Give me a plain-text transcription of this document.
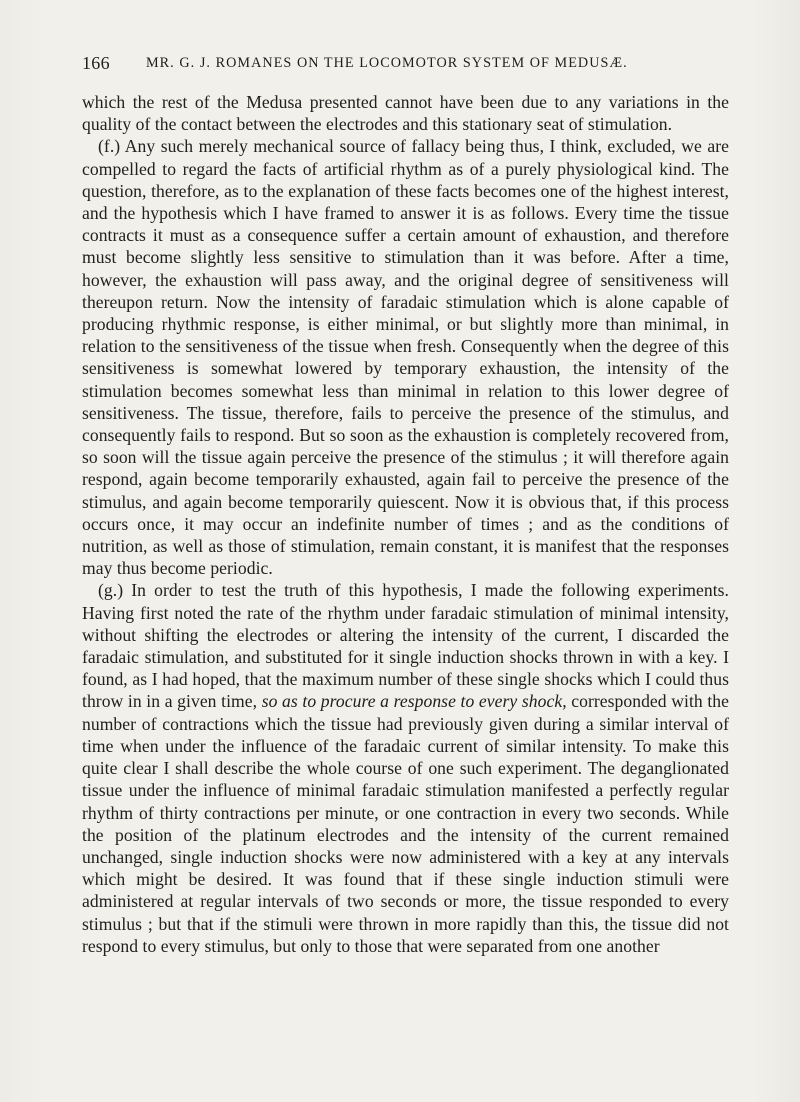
166	MR. G. J. ROMANES ON THE LOCOMOTOR SYSTEM OF MEDUSÆ.

which the rest of the Medusa presented cannot have been due to any variations in the quality of the contact between the electrodes and this stationary seat of stimulation.

(f.) Any such merely mechanical source of fallacy being thus, I think, excluded, we are compelled to regard the facts of artificial rhythm as of a purely physiological kind. The question, therefore, as to the explanation of these facts becomes one of the highest interest, and the hypothesis which I have framed to answer it is as follows. Every time the tissue contracts it must as a consequence suffer a certain amount of exhaustion, and therefore must become slightly less sensitive to stimulation than it was before. After a time, however, the exhaustion will pass away, and the original degree of sensitiveness will thereupon return. Now the intensity of faradaic stimulation which is alone capable of producing rhythmic response, is either minimal, or but slightly more than minimal, in relation to the sensitiveness of the tissue when fresh. Consequently when the degree of this sensitiveness is somewhat lowered by temporary exhaustion, the intensity of the stimulation becomes somewhat less than minimal in relation to this lower degree of sensitiveness. The tissue, therefore, fails to perceive the presence of the stimulus, and consequently fails to respond. But so soon as the exhaustion is completely recovered from, so soon will the tissue again perceive the presence of the stimulus ; it will therefore again respond, again become temporarily exhausted, again fail to perceive the presence of the stimulus, and again become temporarily quiescent. Now it is obvious that, if this process occurs once, it may occur an indefinite number of times ; and as the conditions of nutrition, as well as those of stimulation, remain constant, it is manifest that the responses may thus become periodic.

(g.) In order to test the truth of this hypothesis, I made the following experiments. Having first noted the rate of the rhythm under faradaic stimulation of minimal intensity, without shifting the electrodes or altering the intensity of the current, I discarded the faradaic stimulation, and substituted for it single induction shocks thrown in with a key. I found, as I had hoped, that the maximum number of these single shocks which I could thus throw in in a given time, so as to procure a response to every shock, corresponded with the number of contractions which the tissue had previously given during a similar interval of time when under the influence of the faradaic current of similar intensity. To make this quite clear I shall describe the whole course of one such experiment. The deganglionated tissue under the influence of minimal faradaic stimulation manifested a perfectly regular rhythm of thirty contractions per minute, or one contraction in every two seconds. While the position of the platinum electrodes and the intensity of the current remained unchanged, single induction shocks were now administered with a key at any intervals which might be desired. It was found that if these single induction stimuli were administered at regular intervals of two seconds or more, the tissue responded to every stimulus ; but that if the stimuli were thrown in more rapidly than this, the tissue did not respond to every stimulus, but only to those that were separated from one another
